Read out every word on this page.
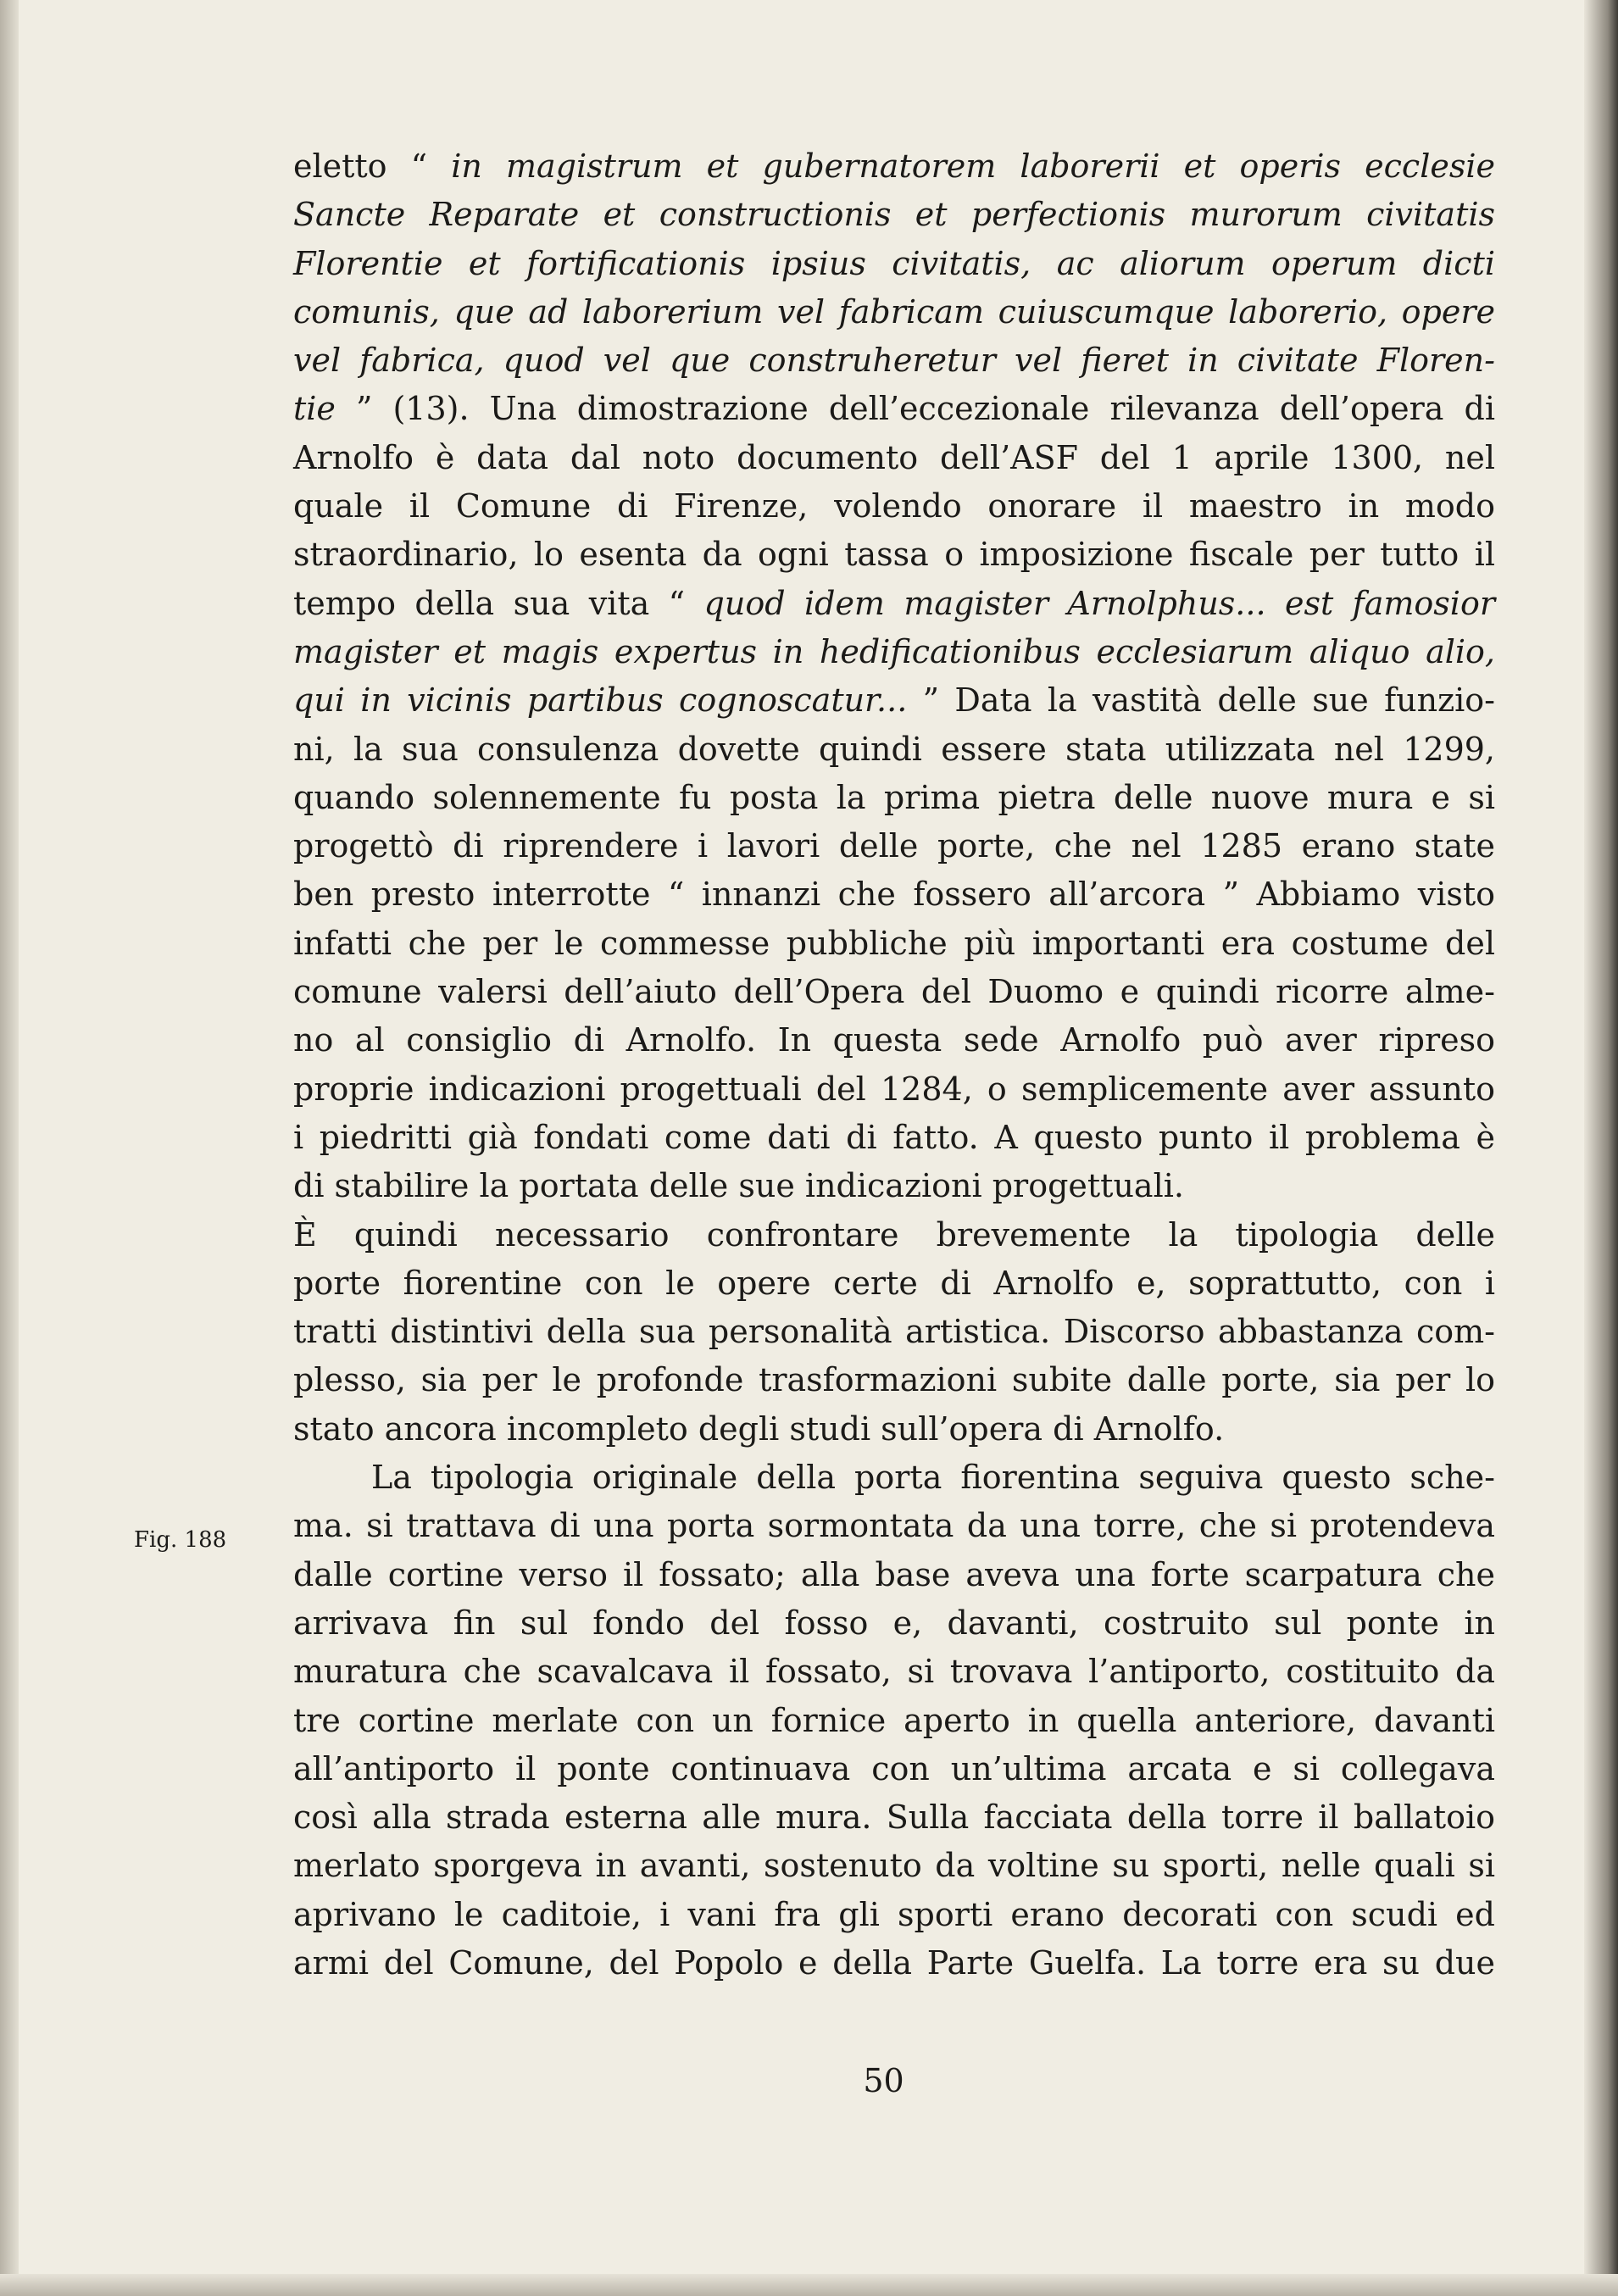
eletto “ in magistrum et gubernatorem laborerii et operis ecclesie
Sancte Reparate et constructionis et perfectionis murorum civitatis
Florentie et fortificationis ipsius civitatis, ac aliorum operum dicti
comunis, que ad laborerium vel fabricam cuiuscumque laborerio, opere
vel fabrica, quod vel que construheretur vel fieret in civitate Floren-
tie ” (13). Una dimostrazione dell’eccezionale rilevanza dell’opera di
Arnolfo è data dal noto documento dell’ASF del 1 aprile 1300, nel
quale il Comune di Firenze, volendo onorare il maestro in modo
straordinario, lo esenta da ogni tassa o imposizione fiscale per tutto il
tempo della sua vita “ quod idem magister Arnolphus... est famosior
magister et magis expertus in hedificationibus ecclesiarum aliquo alio,
qui in vicinis partibus cognoscatur... ” Data la vastità delle sue funzio-
ni, la sua consulenza dovette quindi essere stata utilizzata nel 1299,
quando solennemente fu posta la prima pietra delle nuove mura e si
progettò di riprendere i lavori delle porte, che nel 1285 erano state
ben presto interrotte “ innanzi che fossero all’arcora ” Abbiamo visto
infatti che per le commesse pubbliche più importanti era costume del
comune valersi dell’aiuto dell’Opera del Duomo e quindi ricorre alme-
no al consiglio di Arnolfo. In questa sede Arnolfo può aver ripreso
proprie indicazioni progettuali del 1284, o semplicemente aver assunto
i piedritti già fondati come dati di fatto. A questo punto il problema è
di stabilire la portata delle sue indicazioni progettuali.
È quindi necessario confrontare brevemente la tipologia delle
porte fiorentine con le opere certe di Arnolfo e, soprattutto, con i
tratti distintivi della sua personalità artistica. Discorso abbastanza com-
plesso, sia per le profonde trasformazioni subite dalle porte, sia per lo
stato ancora incompleto degli studi sull’opera di Arnolfo.
La tipologia originale della porta fiorentina seguiva questo sche-
ma. si trattava di una porta sormontata da una torre, che si protendeva
dalle cortine verso il fossato; alla base aveva una forte scarpatura che
arrivava fin sul fondo del fosso e, davanti, costruito sul ponte in
muratura che scavalcava il fossato, si trovava l’antiporto, costituito da
tre cortine merlate con un fornice aperto in quella anteriore, davanti
all’antiporto il ponte continuava con un’ultima arcata e si collegava
così alla strada esterna alle mura. Sulla facciata della torre il ballatoio
merlato sporgeva in avanti, sostenuto da voltine su sporti, nelle quali si
aprivano le caditoie, i vani fra gli sporti erano decorati con scudi ed
armi del Comune, del Popolo e della Parte Guelfa. La torre era su due
Fig. 188
50
